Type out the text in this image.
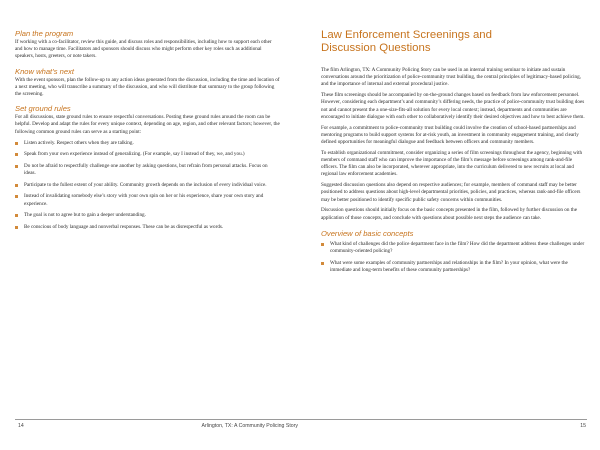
Plan the program

If working with a co-facilitator, review this guide, and discuss roles and responsibilities, including how to support each other and how to manage time. Facilitators and sponsors should discuss who might perform other key roles such as additional speakers, hosts, greeters, or note takers.

Know what’s next

With the event sponsors, plan the follow-up to any action ideas generated from the discussion, including the time and location of a next meeting, who will transcribe a summary of the discussion, and who will distribute that summary to the group following the screening.

Set ground rules

For all discussions, state ground rules to ensure respectful conversations. Posting these ground rules around the room can be helpful. Develop and adapt the rules for every unique context, depending on age, region, and other relevant factors; however, the following common ground rules can serve as a starting point:

Listen actively. Respect others when they are talking.
Speak from your own experience instead of generalizing. (For example, say I instead of they, we, and you.)
Do not be afraid to respectfully challenge one another by asking questions, but refrain from personal attacks. Focus on ideas.
Participate to the fullest extent of your ability. Community growth depends on the inclusion of every individual voice.
Instead of invalidating somebody else’s story with your own spin on her or his experience, share your own story and experience.
The goal is not to agree but to gain a deeper understanding.
Be conscious of body language and nonverbal responses. These can be as disrespectful as words.
14	Arlington, TX: A Community Policing Story
Law Enforcement Screenings and
Discussion Questions

The film Arlington, TX: A Community Policing Story can be used in an internal training seminar to initiate and sustain conversations around the prioritization of police-community trust building, the central principles of legitimacy-based policing, and the importance of internal and external procedural justice.

These film screenings should be accompanied by on-the-ground changes based on feedback from law enforcement personnel. However, considering each department’s and community’s differing needs, the practice of police-community trust building does not and cannot present the a one-size-fits-all solution for every local context; instead, departments and communities are encouraged to initiate dialogue with each other to collaboratively identify their desired objectives and how to best achieve them.

For example, a commitment to police-community trust building could involve the creation of school-based partnerships and mentoring programs to build support systems for at-risk youth, an investment in community engagement training, and clearly defined opportunities for meaningful dialogue and feedback between officers and community members.

To establish organizational commitment, consider organizing a series of film screenings throughout the agency, beginning with members of command staff who can improve the importance of the film’s message before screenings among rank-and-file officers. The film can also be incorporated, wherever appropriate, into the curriculum delivered to new recruits at local and regional law enforcement academies.

Suggested discussion questions also depend on respective audiences; for example, members of command staff may be better positioned to address questions about high-level departmental priorities, policies, and practices, whereas rank-and-file officers may be better positioned to identify specific public safety concerns within communities.

Discussion questions should initially focus on the basic concepts presented in the film, followed by further discussion on the application of those concepts, and conclude with questions about possible next steps the audience can take.

Overview of basic concepts
What kind of challenges did the police department face in the film? How did the department address these challenges under community-oriented policing?
What were some examples of community partnerships and relationships in the film? In your opinion, what were the immediate and long-term benefits of these community partnerships?
15
